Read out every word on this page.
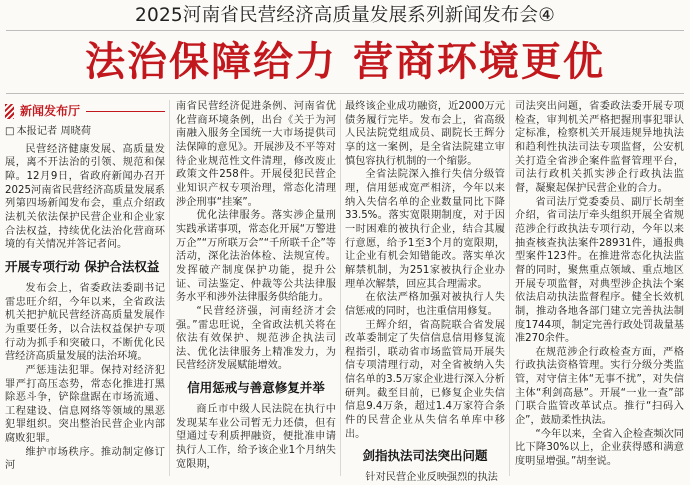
2025河南省民营经济高质量发展系列新闻发布会④
法治保障给力 营商环境更优
新闻发布厅
□ 本报记者 周晓荷

民营经济健康发展、高质量发展，离不开法治的引领、规范和保障。12月9日，省政府新闻办召开2025河南省民营经济高质量发展系列第四场新闻发布会，重点介绍政法机关依法保护民营企业和企业家合法权益，持续优化法治化营商环境的有关情况并答记者问。

开展专项行动 保护合法权益

发布会上，省委政法委副书记雷忠旺介绍，今年以来，全省政法机关把护航民营经济高质量发展作为重要任务，以合法权益保护专项行动为抓手和突破口，不断优化民营经济高质量发展的法治环境。

严惩违法犯罪。保持对经济犯罪严打高压态势，常态化推进打黑除恶斗争，铲除盘踞在市场流通、工程建设、信息网络等领域的黑恶犯罪组织。突出整治民营企业内部腐败犯罪。

维护市场秩序。推动制定修订河

南省民营经济促进条例、河南省优化营商环境条例，出台《关于为河南融入服务全国统一大市场提供司法保障的意见》。开展涉及不平等对待企业规范性文件清理，修改废止政策文件258件。开展侵犯民营企业知识产权专项治理，常态化清理涉企刑事“挂案”。

优化法律服务。落实涉企量刑实践承诺事项，常态化开展“万警进万企”“万所联万会”“千所联千企”等活动，深化法治体检、法规宣传。发挥破产制度保护功能，提升公证、司法鉴定、仲裁等公共法律服务水平和涉外法律服务供给能力。

“民营经济强，河南经济才会强。”雷忠旺说，全省政法机关将在依法有效保护、规范涉企执法司法、优化法律服务上精准发力，为民营经济发展赋能增效。

信用惩戒与善意修复并举

商丘市中级人民法院在执行中发现某车业公司暂无力还债，但有望通过专利质押融资，便批准申请执行人工作，给予该企业1个月纳失宽限期，

最终该企业成功融资，近2000万元债务履行完毕。发布会上，省高级人民法院党组成员、副院长王辉分享的这一案例，是全省法院建立审慎包容执行机制的一个缩影。

全省法院深入推行失信分级管理，信用惩戒宽严相济，今年以来纳入失信名单的企业数量同比下降33.5%。落实宽限期制度，对于因一时困难的被执行企业，结合其履行意愿，给予1至3个月的宽限期，让企业有机会知错能改。落实单次解禁机制，为251家被执行企业办理单次解禁，回应其合理需求。

在依法严格加强对被执行人失信惩戒的同时，也注重信用修复。

王辉介绍，省高院联合省发展改革委制定了失信信息信用修复流程指引，联动省市场监管局开展失信专项清理行动，对全省被纳入失信名单的3.5万家企业进行深入分析研判。截至目前，已修复企业失信信息9.4万条，超过1.4万家符合条件的民营企业从失信名单库中移出。

剑指执法司法突出问题

针对民营企业反映强烈的执法

司法突出问题，省委政法委开展专项检查，审判机关严格把握刑事犯罪认定标准，检察机关开展违规异地执法和趋利性执法司法专项监督，公安机关打造全省涉企案件监督管理平台，司法行政机关抓实涉企行政执法监督，凝聚起保护民营企业的合力。

省司法厅党委委员、副厅长胡奎介绍，省司法厅牵头组织开展全省规范涉企行政执法专项行动，今年以来抽查核查执法案件28931件，通报典型案件123件。在推进常态化执法监督的同时，聚焦重点领域、重点地区开展专项监督，对典型涉企执法个案依法启动执法监督程序。健全长效机制，推动各地各部门建立完善执法制度1744项，制定完善行政处罚裁量基准270余件。

在规范涉企行政检查方面，严格行政执法资格管理。实行分级分类监管，对守信主体“无事不扰”，对失信主体“利剑高悬”。开展“一业一查”部门联合监管改革试点。推行“扫码入企”，鼓励柔性执法。

“今年以来，全省入企检查频次同比下降30%以上，企业获得感和满意度明显增强。”胡奎说。
